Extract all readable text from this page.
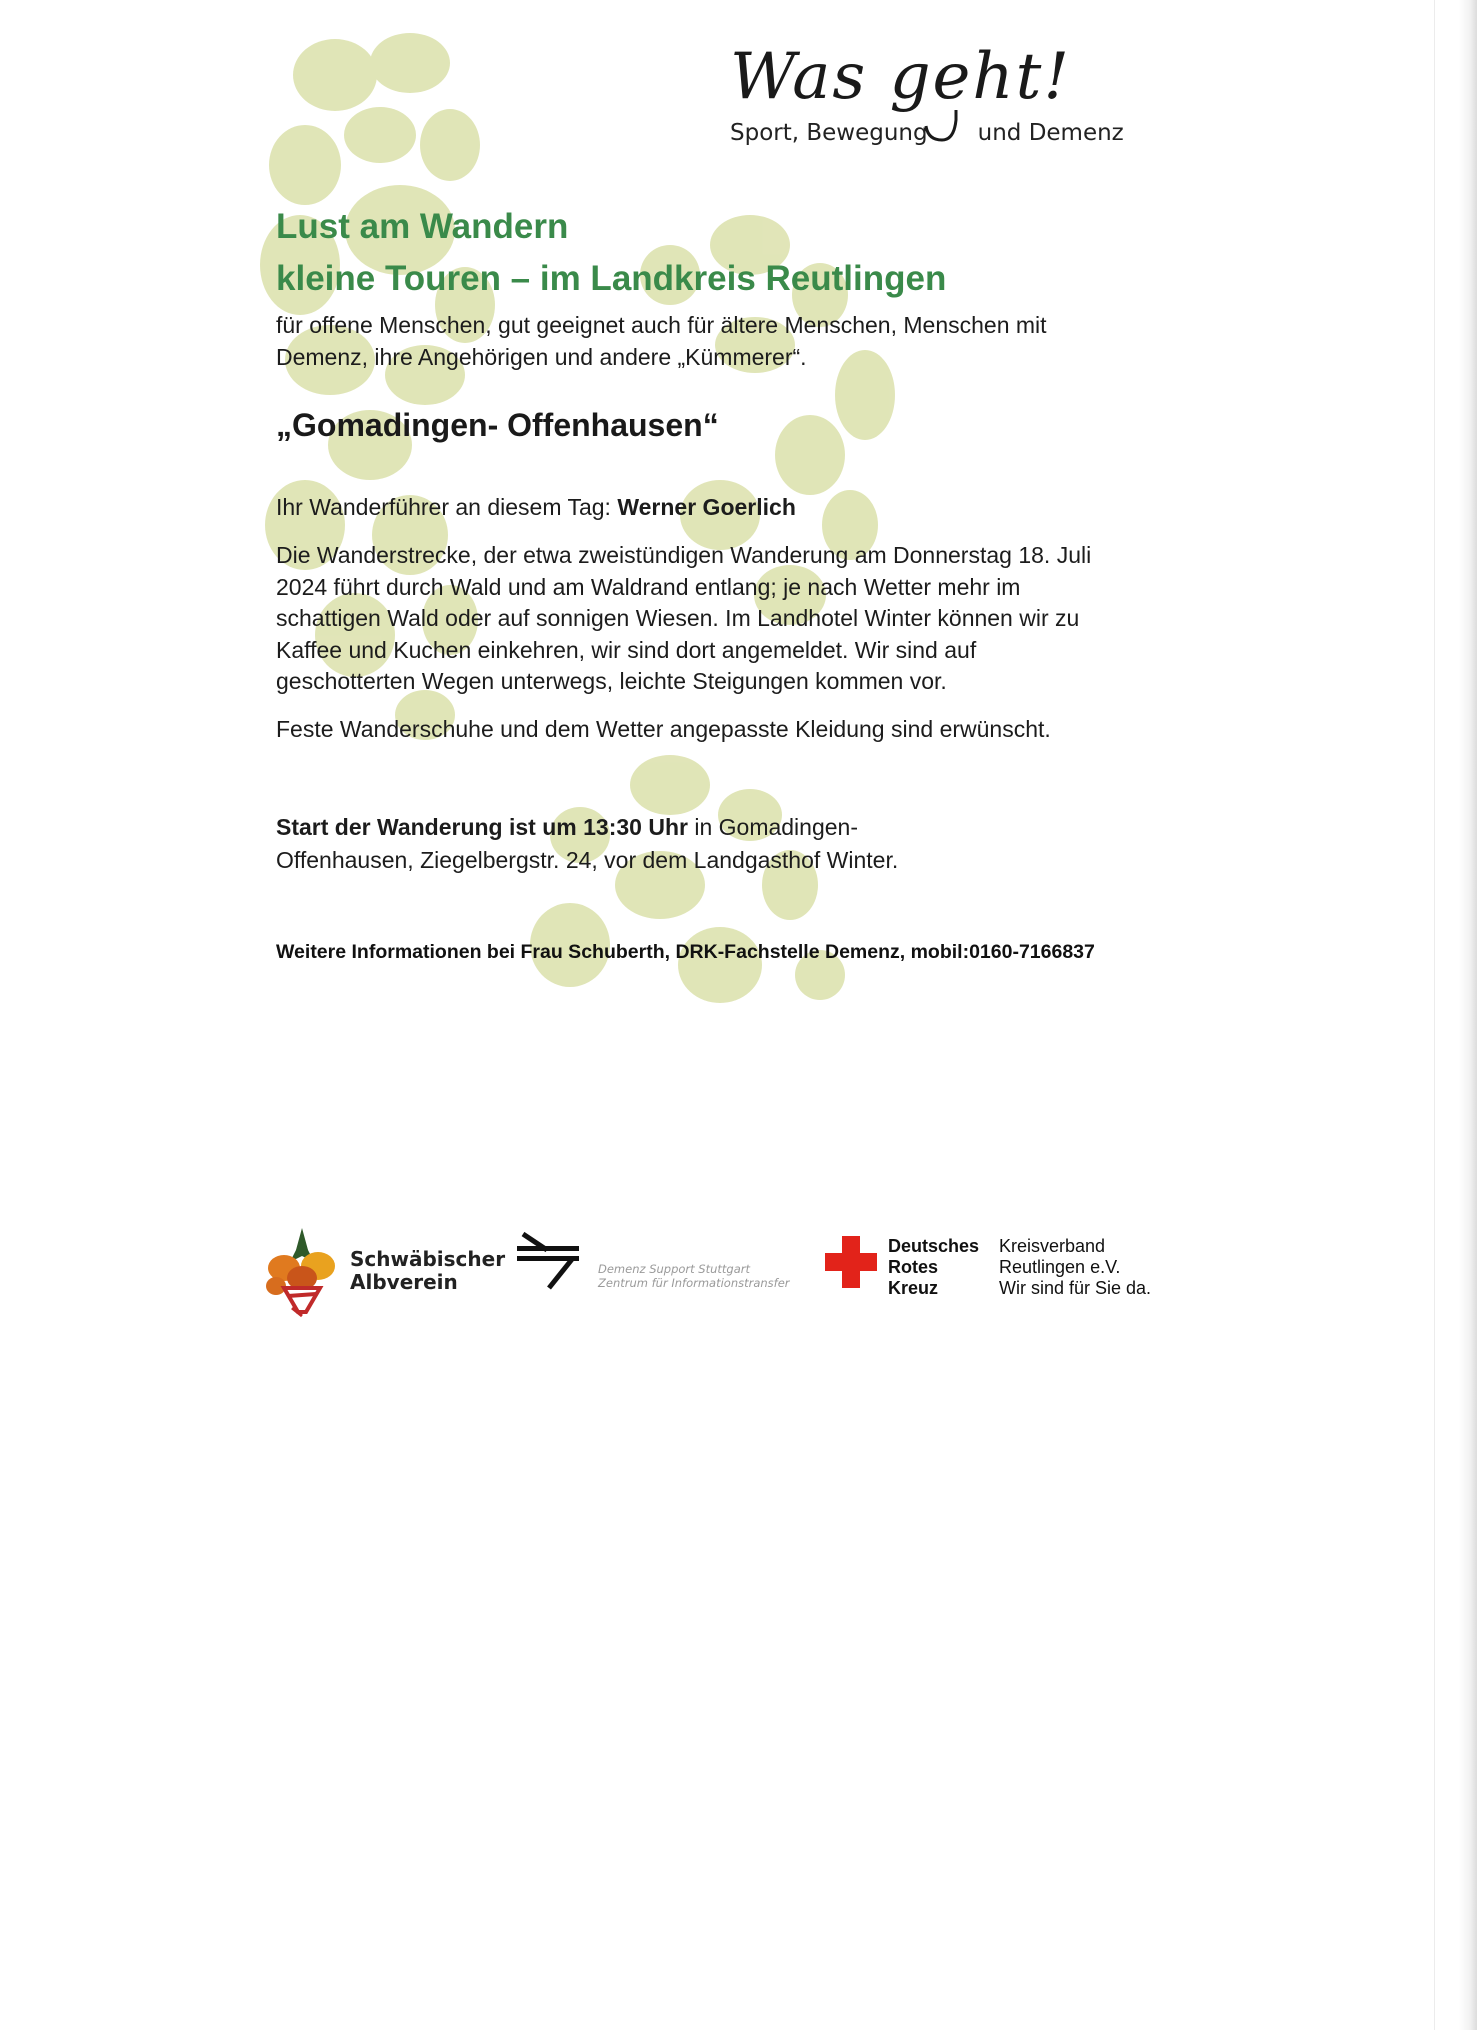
Was geht!
Sport, Bewegung und Demenz
Lust am Wandern
kleine Touren – im Landkreis Reutlingen
für offene Menschen, gut geeignet auch für ältere Menschen, Menschen mit
Demenz, ihre Angehörigen und andere „Kümmerer“.
„Gomadingen- Offenhausen“
Ihr Wanderführer an diesem Tag: Werner Goerlich
Die Wanderstrecke, der etwa zweistündigen Wanderung am Donnerstag 18. Juli
2024 führt durch Wald und am Waldrand entlang; je nach Wetter mehr im
schattigen Wald oder auf sonnigen Wiesen. Im Landhotel Winter können wir zu
Kaffee und Kuchen einkehren, wir sind dort angemeldet. Wir sind auf
geschotterten Wegen unterwegs, leichte Steigungen kommen vor.
Feste Wanderschuhe und dem Wetter angepasste Kleidung sind erwünscht.
Start der Wanderung ist um 13:30 Uhr in Gomadingen-
Offenhausen, Ziegelbergstr. 24, vor dem Landgasthof Winter.
Weitere Informationen bei Frau Schuberth, DRK-Fachstelle Demenz, mobil:0160-7166837
Schwäbischer
Albverein
Demenz Support Stuttgart
Zentrum für Informationstransfer
Deutsches
Rotes
Kreuz
Kreisverband
Reutlingen e.V.
Wir sind für Sie da.
